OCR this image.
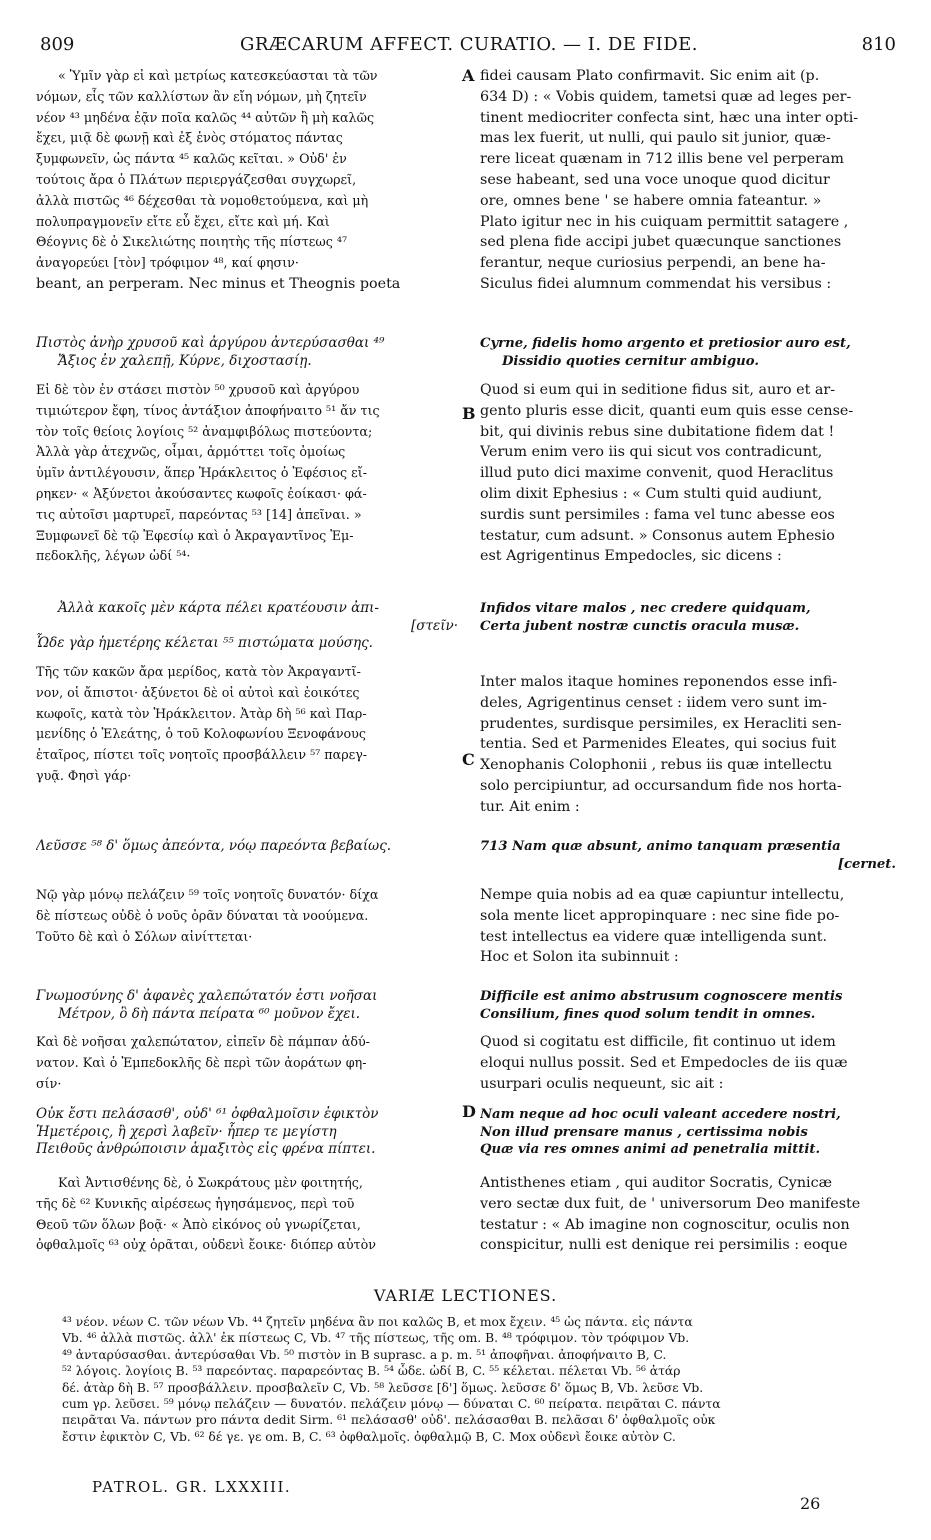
809	GRÆCARUM AFFECT. CURATIO. — I. DE FIDE.	810
« Ὑμῖν γὰρ εἰ καὶ μετρίως κατεσκεύασται τὰ τῶν
νόμων, εἷς τῶν καλλίστων ἂν εἴη νόμων, μὴ ζητεῖν
νέον ⁴³ μηδένα ἐᾷν ποῖα καλῶς ⁴⁴ αὐτῶν ἢ μὴ καλῶς
ἔχει, μιᾷ δὲ φωνῇ καὶ ἐξ ἑνὸς στόματος πάντας
ξυμφωνεῖν, ὡς πάντα ⁴⁵ καλῶς κεῖται. » Οὐδ' ἐν
τούτοις ἄρα ὁ Πλάτων περιεργάζεσθαι συγχωρεῖ,
ἀλλὰ πιστῶς ⁴⁶ δέχεσθαι τὰ νομοθετούμενα, καὶ μὴ
πολυπραγμονεῖν εἴτε εὖ ἔχει, εἴτε καὶ μή. Καὶ
Θέογνις δὲ ὁ Σικελιώτης ποιητὴς τῆς πίστεως ⁴⁷
ἀναγορεύει [τὸν] τρόφιμον ⁴⁸, καί φησιν·
beant, an perperam. Nec minus et Theognis poeta
fidei causam Plato confirmavit. Sic enim ait (p.
634 D) : « Vobis quidem, tametsi quæ ad leges per-
tinent mediocriter confecta sint, hæc una inter opti-
mas lex fuerit, ut nulli, qui paulo sit junior, quæ-
rere liceat quænam in 712 illis bene vel perperam
sese habeant, sed una voce unoque quod dicitur
ore, omnes bene ' se habere omnia fateantur. »
Plato igitur nec in his cuiquam permittit satagere ,
sed plena fide accipi jubet quæcunque sanctiones
ferantur, neque curiosius perpendi, an bene ha-
Siculus fidei alumnum commendat his versibus :
Πιστὸς ἀνὴρ χρυσοῦ καὶ ἀργύρου ἀντερύσασθαι ⁴⁹
Ἄξιος ἐν χαλεπῇ, Κύρνε, διχοστασίῃ.
Cyrne, fidelis homo argento et pretiosior auro est,
Dissidio quoties cernitur ambiguo.
Εἰ δὲ τὸν ἐν στάσει πιστὸν ⁵⁰ χρυσοῦ καὶ ἀργύρου
τιμιώτερον ἔφη, τίνος ἀντάξιον ἀποφήναιτο ⁵¹ ἄν τις
τὸν τοῖς θείοις λογίοις ⁵² ἀναμφιβόλως πιστεύοντα;
Ἀλλὰ γὰρ ἀτεχνῶς, οἶμαι, ἁρμόττει τοῖς ὁμοίως
ὑμῖν ἀντιλέγουσιν, ἅπερ Ἡράκλειτος ὁ Ἐφέσιος εἴ-
ρηκεν· « Ἀξύνετοι ἀκούσαντες κωφοῖς ἐοίκασι· φά-
τις αὐτοῖσι μαρτυρεῖ, παρεόντας ⁵³ [14] ἀπεῖναι. »
Ξυμφωνεῖ δὲ τῷ Ἐφεσίῳ καὶ ὁ Ἀκραγαντῖνος Ἐμ-
πεδοκλῆς, λέγων ὡδί ⁵⁴·
Quod si eum qui in seditione fidus sit, auro et ar-
gento pluris esse dicit, quanti eum quis esse cense-
bit, qui divinis rebus sine dubitatione fidem dat !
Verum enim vero iis qui sicut vos contradicunt,
illud puto dici maxime convenit, quod Heraclitus
olim dixit Ephesius : « Cum stulti quid audiunt,
surdis sunt persimiles : fama vel tunc abesse eos
testatur, cum adsunt. » Consonus autem Ephesio
est Agrigentinus Empedocles, sic dicens :
Ἀλλὰ κακοῖς μὲν κάρτα πέλει κρατέουσιν ἀπι-
[στεῖν·
Ὧδε γὰρ ἡμετέρης κέλεται ⁵⁵ πιστώματα μούσης.
Infidos vitare malos , nec credere quidquam,
Certa jubent nostræ cunctis oracula musæ.
Τῆς τῶν κακῶν ἄρα μερίδος, κατὰ τὸν Ἀκραγαντῖ-
νον, οἱ ἄπιστοι· ἀξύνετοι δὲ οἱ αὐτοὶ καὶ ἐοικότες
κωφοῖς, κατὰ τὸν Ἡράκλειτον. Ἀτὰρ δὴ ⁵⁶ καὶ Παρ-
μενίδης ὁ Ἐλεάτης, ὁ τοῦ Κολοφωνίου Ξενοφάνους
ἑταῖρος, πίστει τοῖς νοητοῖς προσβάλλειν ⁵⁷ παρεγ-
γυᾷ. Φησὶ γάρ·
Inter malos itaque homines reponendos esse infi-
deles, Agrigentinus censet : iidem vero sunt im-
prudentes, surdisque persimiles, ex Heracliti sen-
tentia. Sed et Parmenides Eleates, qui socius fuit
Xenophanis Colophonii , rebus iis quæ intellectu
solo percipiuntur, ad occursandum fide nos horta-
tur. Ait enim :
Λεῦσσε ⁵⁸ δ' ὅμως ἀπεόντα, νόῳ παρεόντα βεβαίως.	713 Nam quæ absunt, animo tanquam præsentia
[cernet.
Νῷ γὰρ μόνῳ πελάζειν ⁵⁹ τοῖς νοητοῖς δυνατόν· δίχα
δὲ πίστεως οὐδὲ ὁ νοῦς ὁρᾶν δύναται τὰ νοούμενα.
Τοῦτο δὲ καὶ ὁ Σόλων αἰνίττεται·
Nempe quia nobis ad ea quæ capiuntur intellectu,
sola mente licet appropinquare : nec sine fide po-
test intellectus ea videre quæ intelligenda sunt.
Hoc et Solon ita subinnuit :
Γνωμοσύνης δ' ἀφανὲς χαλεπώτατόν ἐστι νοῆσαι
Μέτρον, ὃ δὴ πάντα πείρατα ⁶⁰ μοῦνον ἔχει.
Difficile est animo abstrusum cognoscere mentis
Consilium, fines quod solum tendit in omnes.
Καὶ δὲ νοῆσαι χαλεπώτατον, εἰπεῖν δὲ πάμπαν ἀδύ-
νατον. Καὶ ὁ Ἐμπεδοκλῆς δὲ περὶ τῶν ἀοράτων φη-
σίν·
Quod si cogitatu est difficile, fit continuo ut idem
eloqui nullus possit. Sed et Empedocles de iis quæ
usurpari oculis nequeunt, sic ait :
Οὐκ ἔστι πελάσασθ', οὐδ' ⁶¹ ὀφθαλμοῖσιν ἐφικτὸν
Ἡμετέροις, ἢ χερσὶ λαβεῖν· ἧπερ τε μεγίστη
Πειθοῦς ἀνθρώποισιν ἁμαξιτὸς εἰς φρένα πίπτει.
Nam neque ad hoc oculi valeant accedere nostri,
Non illud prensare manus , certissima nobis
Quæ via res omnes animi ad penetralia mittit.
Καὶ Ἀντισθένης δὲ, ὁ Σωκράτους μὲν φοιτητής,
τῆς δὲ ⁶² Κυνικῆς αἱρέσεως ἡγησάμενος, περὶ τοῦ
Θεοῦ τῶν ὅλων βοᾷ· « Ἀπὸ εἰκόνος οὐ γνωρίζεται,
ὀφθαλμοῖς ⁶³ οὐχ ὁρᾶται, οὐδενὶ ἔοικε· διόπερ αὐτὸν
Antisthenes etiam , qui auditor Socratis, Cynicæ
vero sectæ dux fuit, de ' universorum Deo manifeste
testatur : « Ab imagine non cognoscitur, oculis non
conspicitur, nulli est denique rei persimilis : eoque
A
B
C
D
VARIÆ LECTIONES.
⁴³ νέον. νέων C. τῶν νέων Vb. ⁴⁴ ζητεῖν μηδένα ἂν ποι καλῶς B, et mox ἔχειν. ⁴⁵ ὡς πάντα. εἰς πάντα
Vb. ⁴⁶ ἀλλὰ πιστῶς. ἀλλ' ἐκ πίστεως C, Vb. ⁴⁷ τῆς πίστεως, τῆς om. B. ⁴⁸ τρόφιμον. τὸν τρόφιμον Vb.
⁴⁹ ἀνταρύσασθαι. ἀντερύσαθαι Vb. ⁵⁰ πιστὸν in B suprasc. a p. m. ⁵¹ ἀποφῆναι. ἀποφήναιτο B, C.
⁵² λόγοις. λογίοις B. ⁵³ παρεόντας. παραρεόντας B. ⁵⁴ ὧδε. ὡδί B, C. ⁵⁵ κέλεται. πέλεται Vb. ⁵⁶ ἀτάρ
δέ. ἀτὰρ δὴ B. ⁵⁷ προσβάλλειν. προσβαλεῖν C, Vb. ⁵⁸ λεῦσσε [δ'] ὅμως. λεῦσσε δ' ὅμως B, Vb. λεῦσε Vb.
cum γρ. λεῦσει. ⁵⁹ μόνῳ πελάζειν — δυνατόν. πελάζειν μόνῳ — δύναται C. ⁶⁰ πείρατα. πειρᾶται C. πάντα
πειρᾶται Va. πάντων pro πάντα dedit Sirm. ⁶¹ πελάσασθ' οὐδ'. πελάσασθαι B. πελᾶσαι δ' ὀφθαλμοῖς οὐκ
ἔστιν ἐφικτὸν C, Vb. ⁶² δέ γε. γε om. B, C. ⁶³ ὀφθαλμοῖς. ὀφθαλμῷ B, C. Mox οὐδενὶ ἔοικε αὐτὸν C.
PATROL. GR. LXXXIII.
26
